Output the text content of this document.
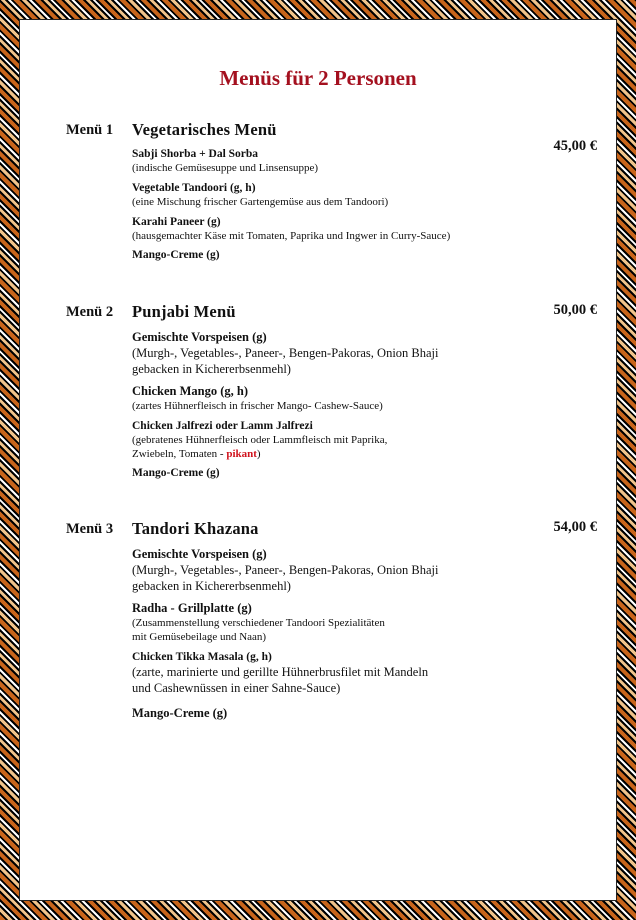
Menüs für 2 Personen
Menü 1
45,00 €
Vegetarisches Menü
Sabji Shorba + Dal Sorba
(indische Gemüsesuppe und Linsensuppe)
Vegetable Tandoori (g, h)
(eine Mischung frischer Gartengemüse aus dem Tandoori)
Karahi Paneer (g)
(hausgemachter Käse mit Tomaten, Paprika und Ingwer in Curry-Sauce)
Mango-Creme (g)
Menü 2	50,00 €
Punjabi Menü
Gemischte Vorspeisen (g)
(Murgh-, Vegetables-, Paneer-, Bengen-Pakoras, Onion Bhaji
gebacken in Kichererbsenmehl)
Chicken Mango (g, h)
(zartes Hühnerfleisch in frischer Mango- Cashew-Sauce)
Chicken Jalfrezi oder Lamm Jalfrezi
(gebratenes Hühnerfleisch oder Lammfleisch mit Paprika,
Zwiebeln, Tomaten - pikant)
Mango-Creme (g)
Menü 3	54,00 €
Tandori Khazana
Gemischte Vorspeisen (g)
(Murgh-, Vegetables-, Paneer-, Bengen-Pakoras, Onion Bhaji
gebacken in Kichererbsenmehl)
Radha - Grillplatte (g)
(Zusammenstellung verschiedener Tandoori Spezialitäten
mit Gemüsebeilage und Naan)
Chicken Tikka Masala (g, h)
(zarte, marinierte und gerillte Hühnerbrusfilet mit Mandeln
und Cashewnüssen in einer Sahne-Sauce)
Mango-Creme (g)
